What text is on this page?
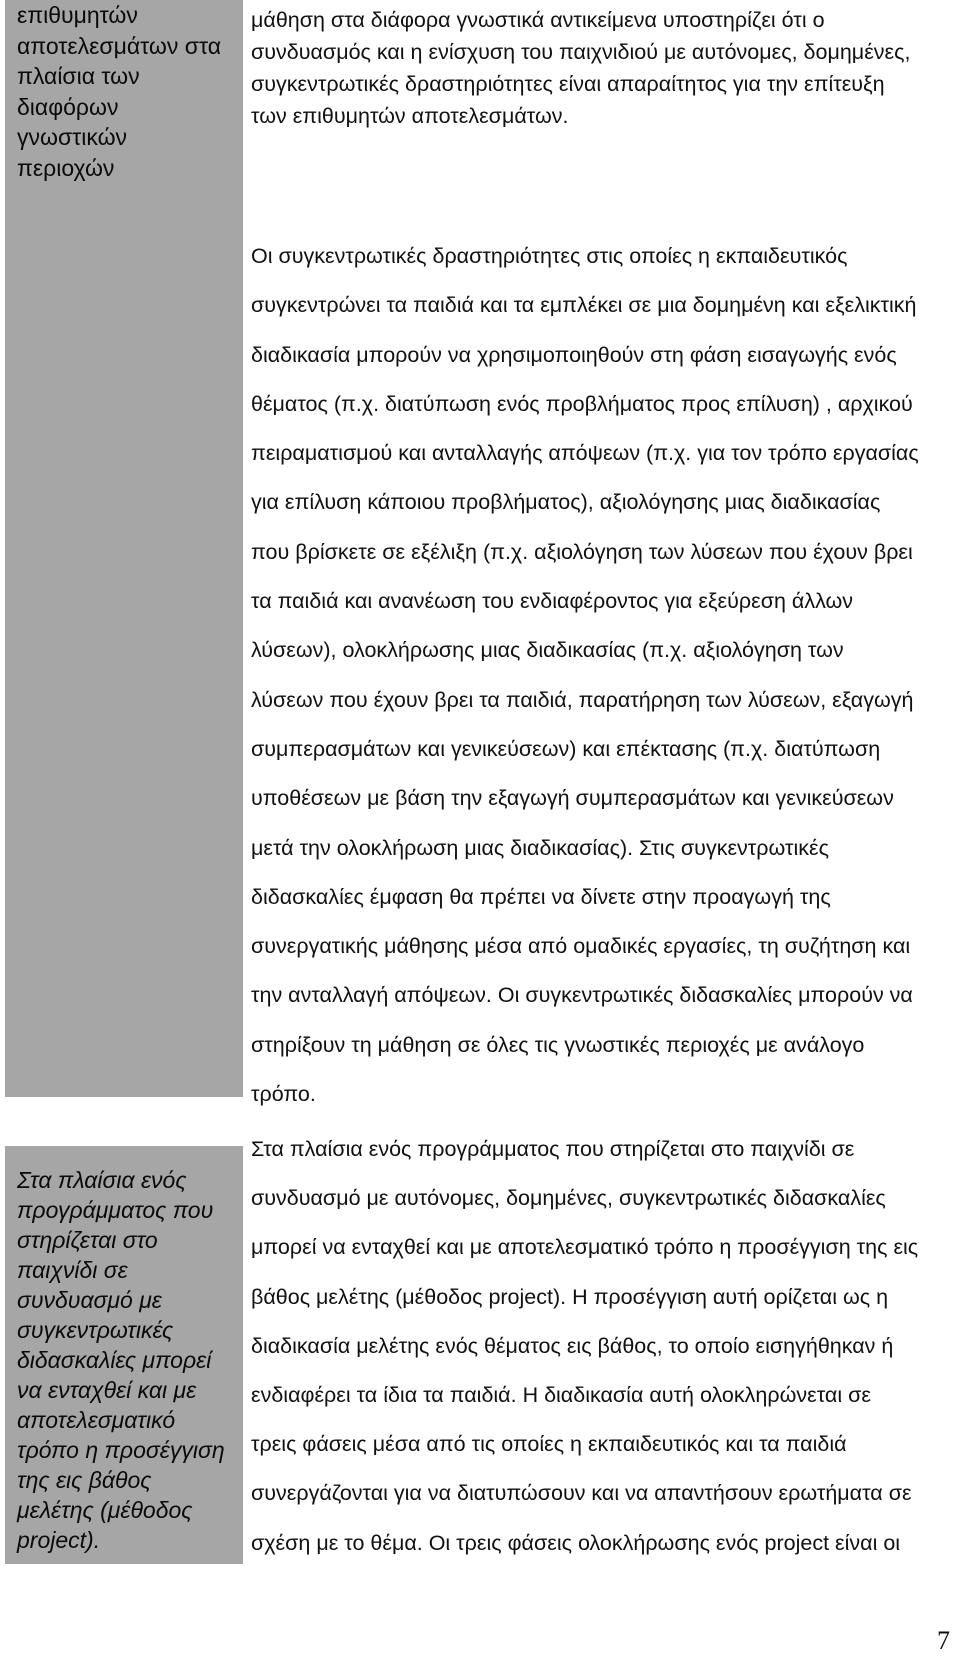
επιθυμητών
αποτελεσμάτων στα
πλαίσια των
διαφόρων
γνωστικών
περιοχών

Στα πλαίσια ενός
προγράμματος που
στηρίζεται στο
παιχνίδι σε
συνδυασμό με
συγκεντρωτικές
διδασκαλίες μπορεί
να ενταχθεί και με
αποτελεσματικό
τρόπο η προσέγγιση
της εις βάθος
μελέτης (μέθοδος
project).

μάθηση στα διάφορα γνωστικά αντικείμενα υποστηρίζει ότι ο
συνδυασμός και η ενίσχυση του παιχνιδιού με αυτόνομες, δομημένες,
συγκεντρωτικές δραστηριότητες είναι απαραίτητος για την επίτευξη
των επιθυμητών αποτελεσμάτων.

Οι συγκεντρωτικές δραστηριότητες στις οποίες η εκπαιδευτικός
συγκεντρώνει τα παιδιά και τα εμπλέκει σε μια δομημένη και εξελικτική
διαδικασία μπορούν να χρησιμοποιηθούν στη φάση εισαγωγής ενός
θέματος (π.χ. διατύπωση ενός προβλήματος προς επίλυση) , αρχικού
πειραματισμού και ανταλλαγής απόψεων (π.χ. για τον τρόπο εργασίας
για επίλυση κάποιου προβλήματος), αξιολόγησης μιας διαδικασίας
που βρίσκετε σε εξέλιξη (π.χ. αξιολόγηση των λύσεων που έχουν βρει
τα παιδιά και ανανέωση του ενδιαφέροντος για εξεύρεση άλλων
λύσεων), ολοκλήρωσης μιας διαδικασίας (π.χ. αξιολόγηση των
λύσεων που έχουν βρει τα παιδιά, παρατήρηση των λύσεων, εξαγωγή
συμπερασμάτων και γενικεύσεων) και επέκτασης (π.χ. διατύπωση
υποθέσεων με βάση την εξαγωγή συμπερασμάτων και γενικεύσεων
μετά την ολοκλήρωση μιας διαδικασίας). Στις συγκεντρωτικές
διδασκαλίες έμφαση θα πρέπει να δίνετε στην προαγωγή της
συνεργατικής μάθησης μέσα από ομαδικές εργασίες, τη συζήτηση και
την ανταλλαγή απόψεων. Οι συγκεντρωτικές διδασκαλίες μπορούν να
στηρίξουν τη μάθηση σε όλες τις γνωστικές περιοχές με ανάλογο
τρόπο.

Στα πλαίσια ενός προγράμματος που στηρίζεται στο παιχνίδι σε
συνδυασμό με αυτόνομες, δομημένες, συγκεντρωτικές διδασκαλίες
μπορεί να ενταχθεί και με αποτελεσματικό τρόπο η προσέγγιση της εις
βάθος μελέτης (μέθοδος project). Η προσέγγιση αυτή ορίζεται ως η
διαδικασία μελέτης ενός θέματος εις βάθος, το οποίο εισηγήθηκαν ή
ενδιαφέρει τα ίδια τα παιδιά. Η διαδικασία αυτή ολοκληρώνεται σε
τρεις φάσεις μέσα από τις οποίες η εκπαιδευτικός και τα παιδιά
συνεργάζονται για να διατυπώσουν και να απαντήσουν ερωτήματα σε
σχέση με το θέμα. Οι τρεις φάσεις ολοκλήρωσης ενός project είναι οι

7
